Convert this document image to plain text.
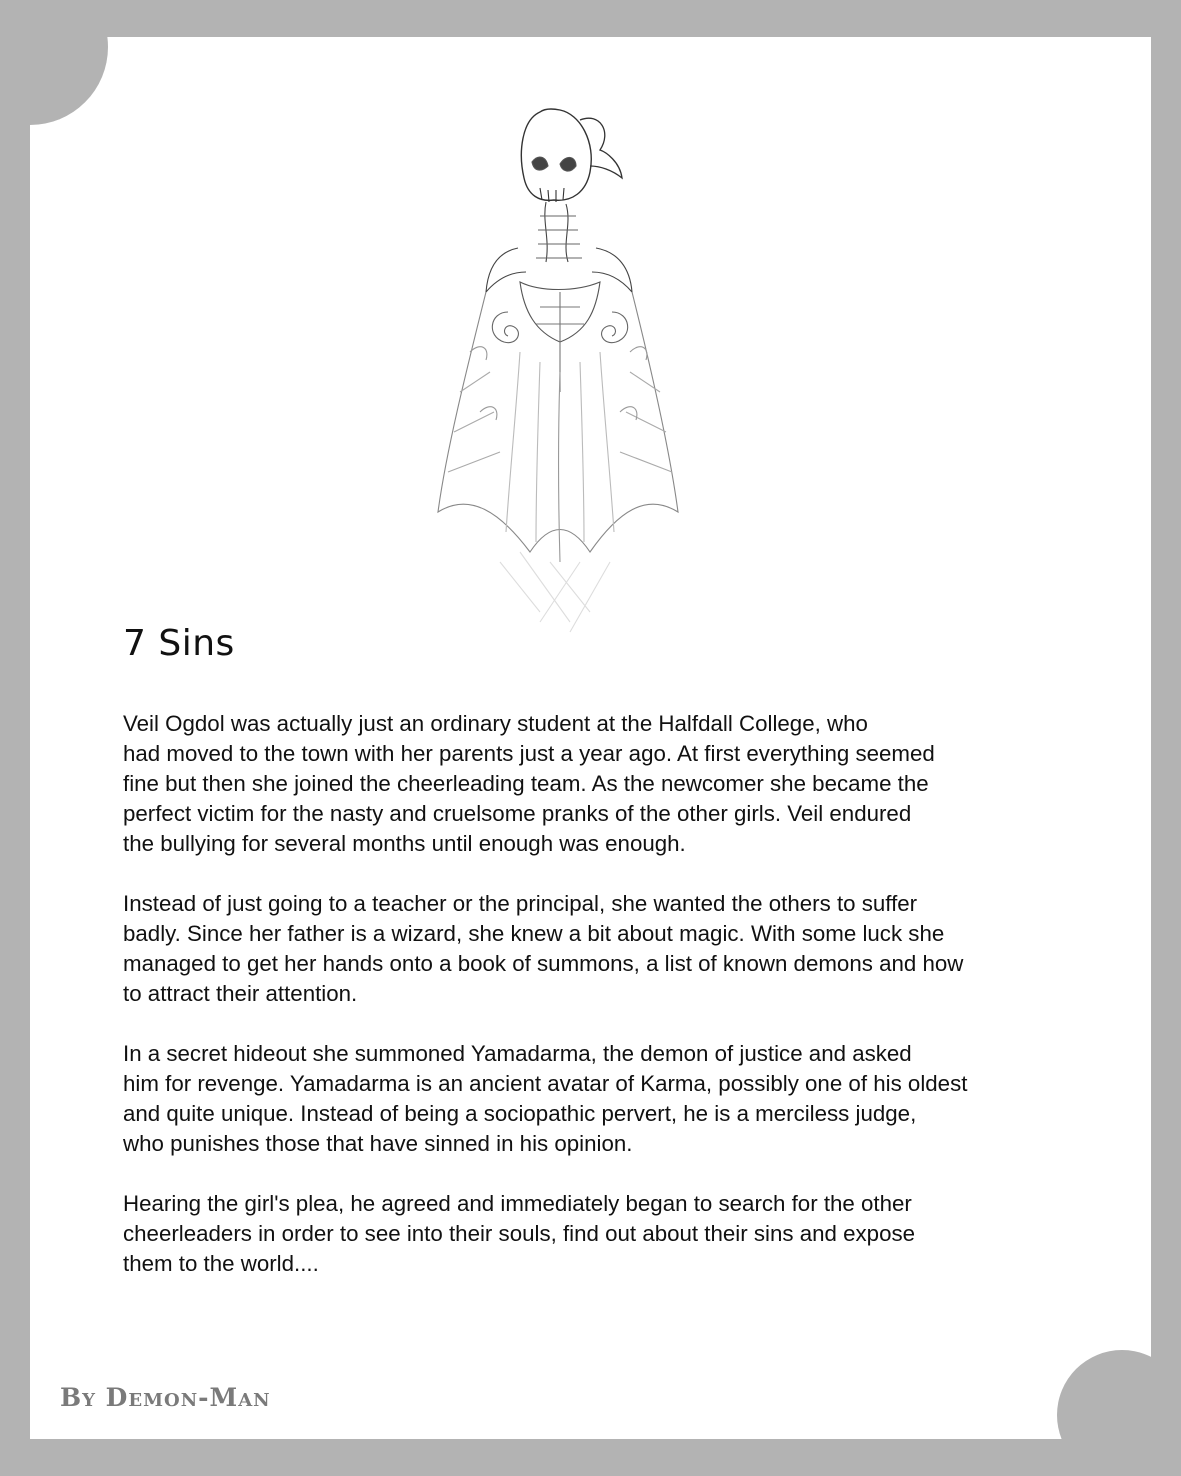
7 Sins

Veil Ogdol was actually just an ordinary student at the Halfdall College, who
had moved to the town with her parents just a year ago. At first everything seemed
fine but then she joined the cheerleading team. As the newcomer she became the
perfect victim for the nasty and cruelsome pranks of the other girls. Veil endured
the bullying for several months until enough was enough.

Instead of just going to a teacher or the principal, she wanted the others to suffer
badly. Since her father is a wizard, she knew a bit about magic. With some luck she
managed to get her hands onto a book of summons, a list of known demons and how
to attract their attention.

In a secret hideout she summoned Yamadarma, the demon of justice and asked
him for revenge. Yamadarma is an ancient avatar of Karma, possibly one of his oldest
and quite unique. Instead of being a sociopathic pervert, he is a merciless judge,
who punishes those that have sinned in his opinion.

Hearing the girl's plea, he agreed and immediately began to search for the other
cheerleaders in order to see into their souls, find out about their sins and expose
them to the world....

By Demon-Man
